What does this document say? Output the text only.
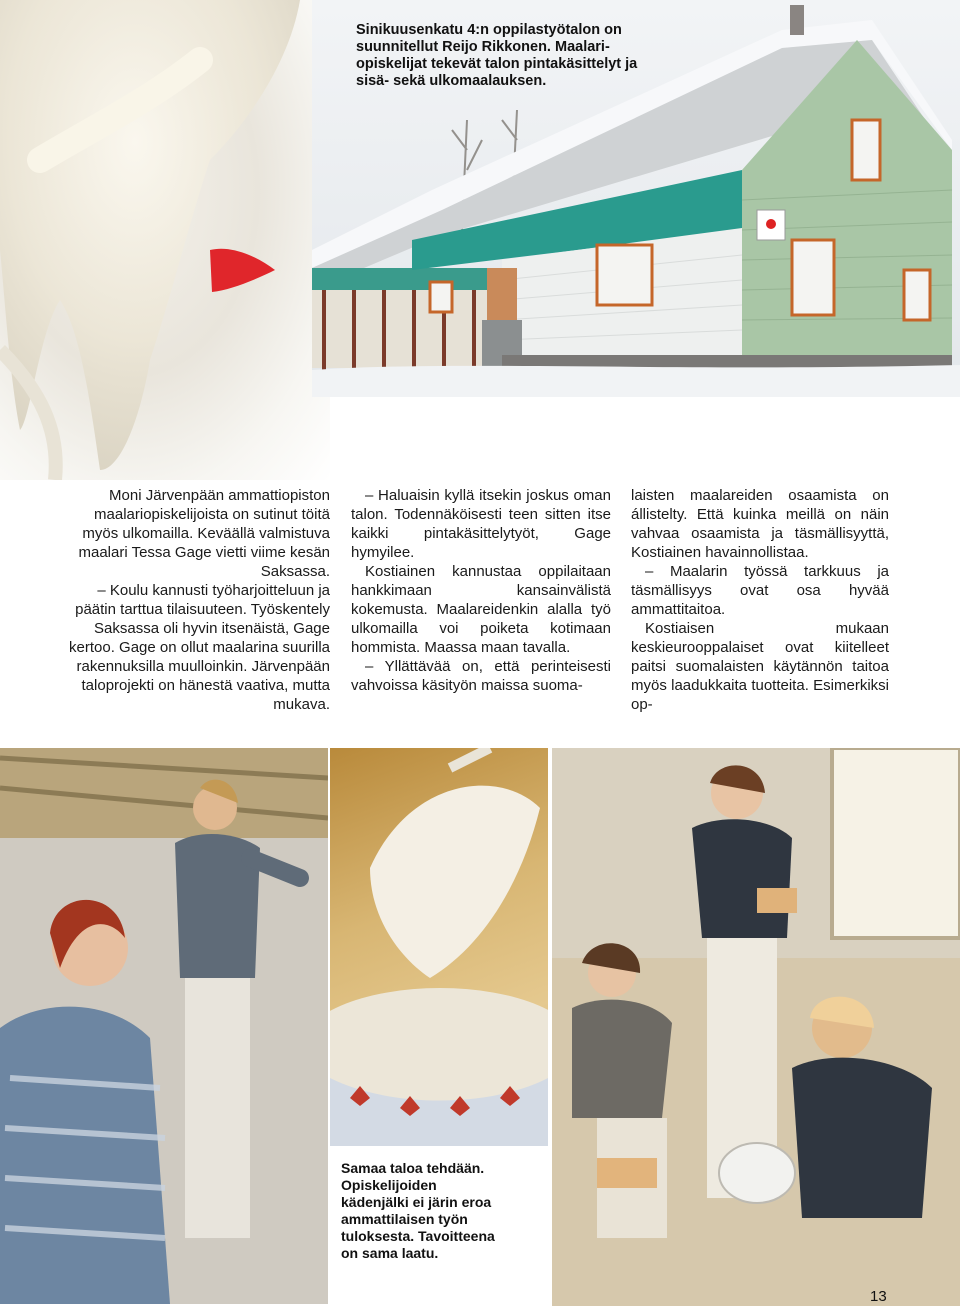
Sinikuusenkatu 4:n oppilastyötalon on suunnitellut Reijo Rikkonen. Maalari-opiskelijat tekevät talon pintakäsittelyt ja sisä- sekä ulkomaalauksen.

Moni Järvenpään ammattiopiston maalariopiskelijoista on sutinut töitä myös ulkomailla. Keväällä valmistuva maalari Tessa Gage vietti viime kesän Saksassa.

– Koulu kannusti työharjoitteluun ja päätin tarttua tilaisuuteen. Työskentely Saksassa oli hyvin itsenäistä, Gage kertoo. Gage on ollut maalarina suurilla rakennuksilla muulloinkin. Järvenpään taloprojekti on hänestä vaativa, mutta mukava.

– Haluaisin kyllä itsekin joskus oman talon. Todennäköisesti teen sitten itse kaikki pintakäsittelytyöt, Gage hymyilee.

Kostiainen kannustaa oppilaitaan hankkimaan kansainvälistä kokemusta. Maalareidenkin alalla työ ulkomailla voi poiketa kotimaan hommista. Maassa maan tavalla.

– Yllättävää on, että perinteisesti vahvoissa käsityön maissa suoma-

laisten maalareiden osaamista on állistelty. Että kuinka meillä on näin vahvaa osaamista ja täsmällisyyttä, Kostiainen havainnollistaa.

– Maalarin työssä tarkkuus ja täsmällisyys ovat osa hyvää ammattitaitoa.

Kostiaisen mukaan keskieurooppalaiset ovat kiitelleet paitsi suomalaisten käytännön taitoa myös laadukkaita tuotteita. Esimerkiksi op-

Samaa taloa tehdään. Opiskelijoiden kädenjälki ei järin eroa ammattilaisen työn tuloksesta. Tavoitteena on sama laatu.
13
